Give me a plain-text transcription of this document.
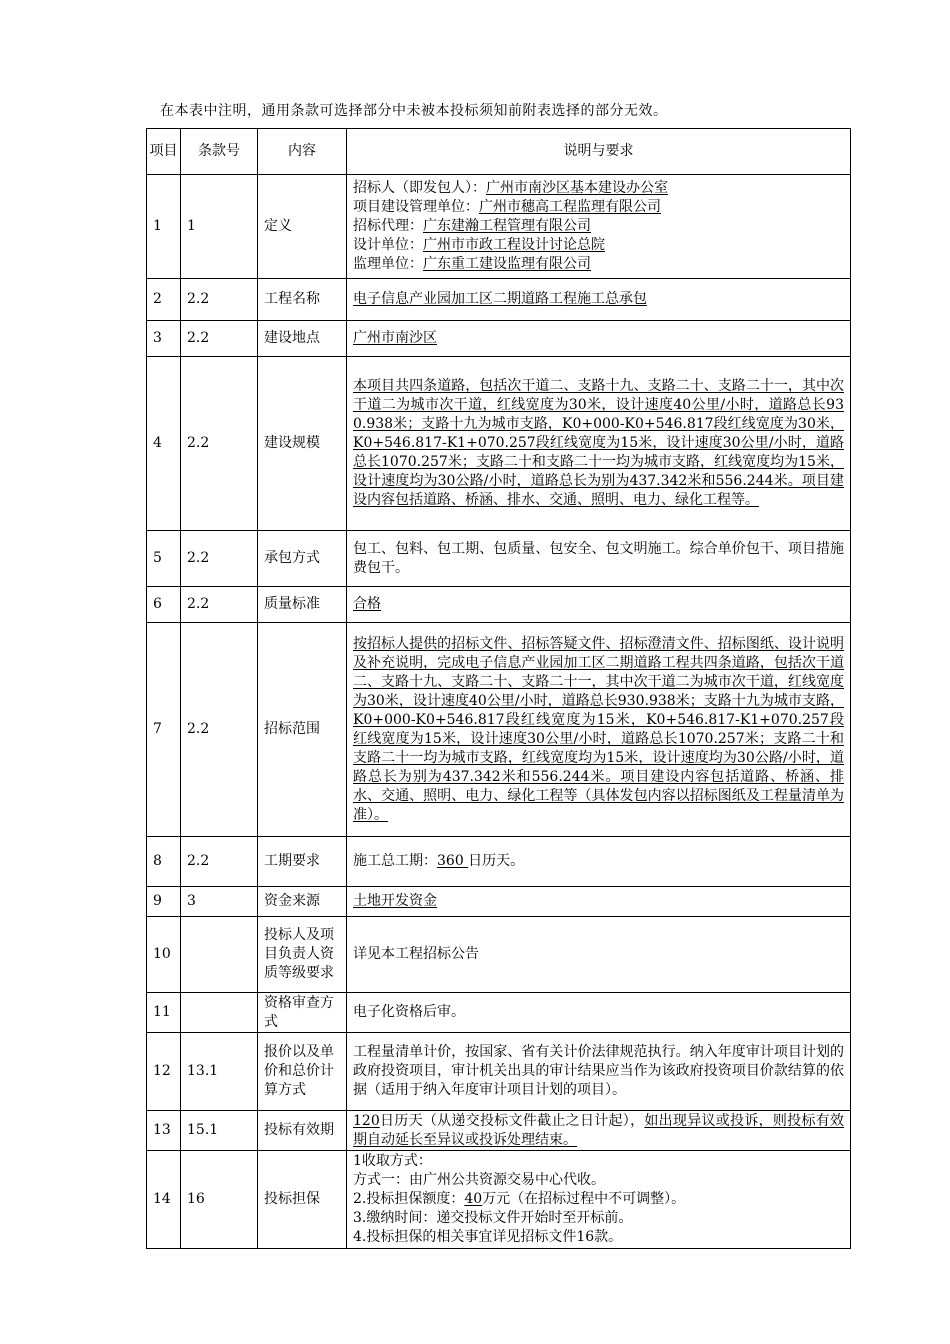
在本表中注明，通用条款可选择部分中未被本投标须知前附表选择的部分无效。
项目	条款号	内容	说明与要求
1	1	定义	招标人（即发包人）：广州市南沙区基本建设办公室
项目建设管理单位：广州市穗高工程监理有限公司
招标代理：广东建瀚工程管理有限公司
设计单位：广州市市政工程设计讨论总院
监理单位：广东重工建设监理有限公司

2	2.2	工程名称	电子信息产业园加工区二期道路工程施工总承包
3	2.2	建设地点	广州市南沙区
4	2.2	建设规模	本项目共四条道路，包括次干道二、支路十九、支路二十、支路二十一，其中次干道二为城市次干道，红线宽度为30米，设计速度40公里/小时，道路总长930.938米；支路十九为城市支路，K0+000-K0+546.817段红线宽度为30米，K0+546.817-K1+070.257段红线宽度为15米，设计速度30公里/小时，道路总长1070.257米；支路二十和支路二十一均为城市支路，红线宽度均为15米，设计速度均为30公路/小时，道路总长为别为437.342米和556.244米。项目建设内容包括道路、桥涵、排水、交通、照明、电力、绿化工程等。
5	2.2	承包方式	包工、包料、包工期、包质量、包安全、包文明施工。综合单价包干、项目措施费包干。
6	2.2	质量标准	合格
7	2.2	招标范围	按招标人提供的招标文件、招标答疑文件、招标澄清文件、招标图纸、设计说明及补充说明，完成电子信息产业园加工区二期道路工程共四条道路，包括次干道二、支路十九、支路二十、支路二十一，其中次干道二为城市次干道，红线宽度为30米，设计速度40公里/小时，道路总长930.938米；支路十九为城市支路，K0+000-K0+546.817段红线宽度为15米，K0+546.817-K1+070.257段红线宽度为15米，设计速度30公里/小时，道路总长1070.257米；支路二十和支路二十一均为城市支路，红线宽度均为15米，设计速度均为30公路/小时，道路总长为别为437.342米和556.244米。项目建设内容包括道路、桥涵、排水、交通、照明、电力、绿化工程等（具体发包内容以招标图纸及工程量清单为准）。
8	2.2	工期要求	施工总工期：360 日历天。
9	3	资金来源	土地开发资金
10		投标人及项目负责人资质等级要求	详见本工程招标公告
11		资格审查方式	电子化资格后审。
12	13.1	报价以及单价和总价计算方式	工程量清单计价，按国家、省有关计价法律规范执行。纳入年度审计项目计划的政府投资项目，审计机关出具的审计结果应当作为该政府投资项目价款结算的依据（适用于纳入年度审计项目计划的项目）。
13	15.1	投标有效期	120日历天（从递交投标文件截止之日计起），如出现异议或投诉，则投标有效期自动延长至异议或投诉处理结束。
14	16	投标担保	1收取方式：
方式一：由广州公共资源交易中心代收。
2.投标担保额度：40万元（在招标过程中不可调整）。
3.缴纳时间：递交投标文件开始时至开标前。
4.投标担保的相关事宜详见招标文件16款。
